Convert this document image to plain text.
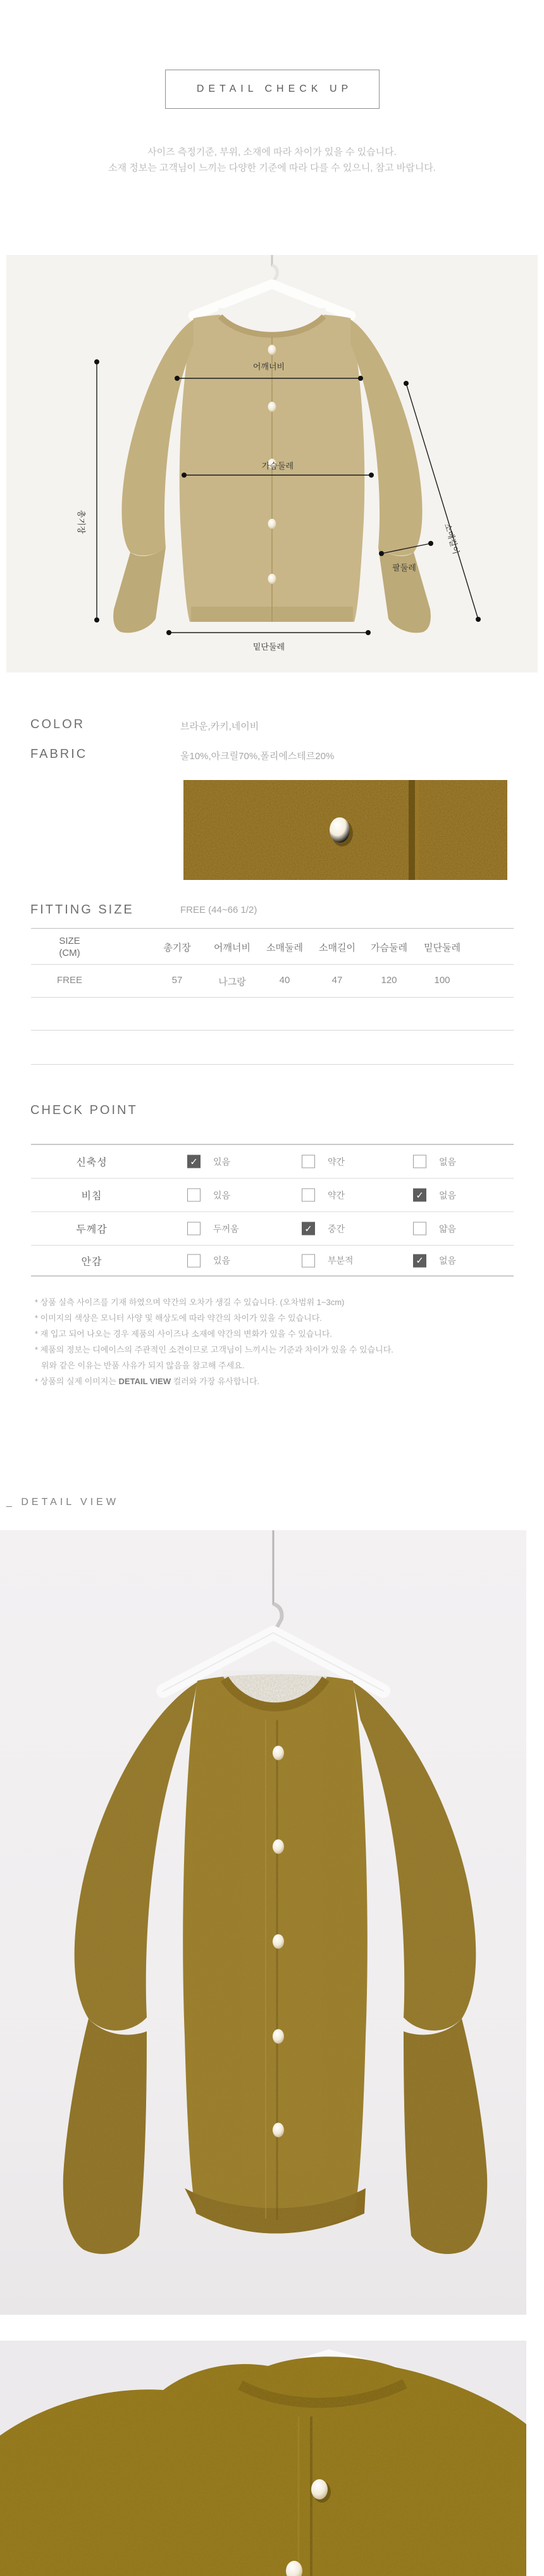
DETAIL CHECK UP
사이즈 측정기준, 부위, 소재에 따라 차이가 있을 수 있습니다.
소재 정보는 고객님이 느끼는 다양한 기준에 따라 다를 수 있으니, 참고 바랍니다.
어깨너비
가슴둘레
총기장
소매길이
팔둘레
밑단둘레
COLOR	브라운,카키,네이비
FABRIC	울10%,아크릴70%,폴리에스테르20%
FITTING SIZE	FREE (44~66 1/2)
SIZE
(CM)	총기장 어깨너비 소매둘레 소매길이 가슴둘레 밑단둘레
FREE	57	나그랑	40	47	120	100
CHECK POINT
신축성	✓	있음	약간	없음
비침	있음	약간	✓	없음
두께감	두꺼움	✓	중간	얇음
안감	있음	부분적	✓	없음
* 상품 실측 사이즈를 기재 하였으며 약간의 오차가 생길 수 있습니다. (오차범위 1~3cm)
* 이미지의 색상은 모니터 사양 및 해상도에 따라 약간의 차이가 있을 수 있습니다.
* 재 입고 되어 나오는 경우 제품의 사이즈나 소재에 약간의 변화가 있을 수 있습니다.
* 제품의 정보는 디에이스의 주관적인 소견이므로 고객님이 느끼시는 기준과 차이가 있을 수 있습니다.
위와 같은 이유는 반품 사유가 되지 않음을 참고해 주세요.
* 상품의 실제 이미지는 DETAIL VIEW 컬러와 가장 유사합니다.
_ DETAIL VIEW
